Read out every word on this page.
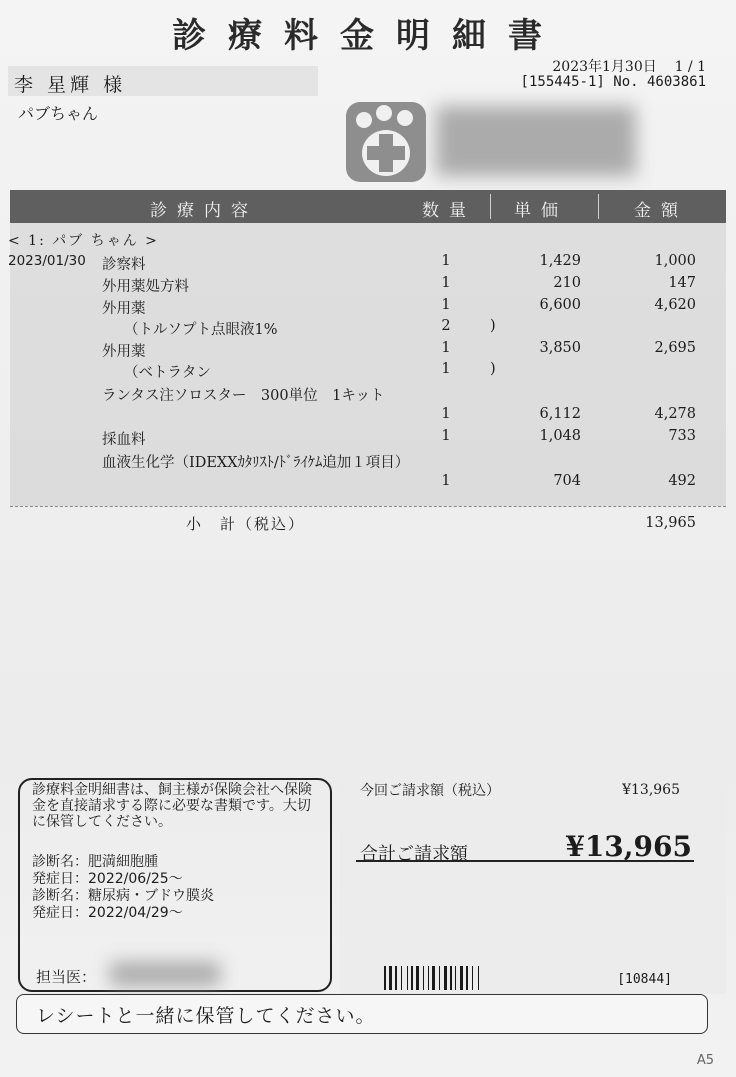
診療料金明細書
2023年1月30日 1 / 1
[155445-1] No. 4603861
李 星輝 様
パブちゃん
診療内容	数量 単価	金額
< 1: パブ ちゃん >
2023/01/30 診察料	1	1,429	1,000
外用薬処方料	1	210	147
外用薬	1	6,600	4,620
（トルソプト点眼液1%	2	)
外用薬	1	3,850	2,695
（ベトラタン	1	)
ランタス注ソロスター　300単位　1キット
1	6,112	4,278
採血料	1	1,048	733
血液生化学（IDEXXｶﾀﾘｽﾄ/ﾄﾞﾗｲｹﾑ追加１項目）
1	704	492
小　計（税込）	13,965
診療料金明細書は、飼主様が保険会社へ保険金を直接請求する際に必要な書類です。大切に保管してください。
診断名：肥満細胞腫
発症日：2022/06/25～
診断名：糖尿病・ブドウ膜炎
発症日：2022/04/29～
担当医：
今回ご請求額（税込）	¥13,965
合計ご請求額	¥13,965
[10844]
レシートと一緒に保管してください。
A5
